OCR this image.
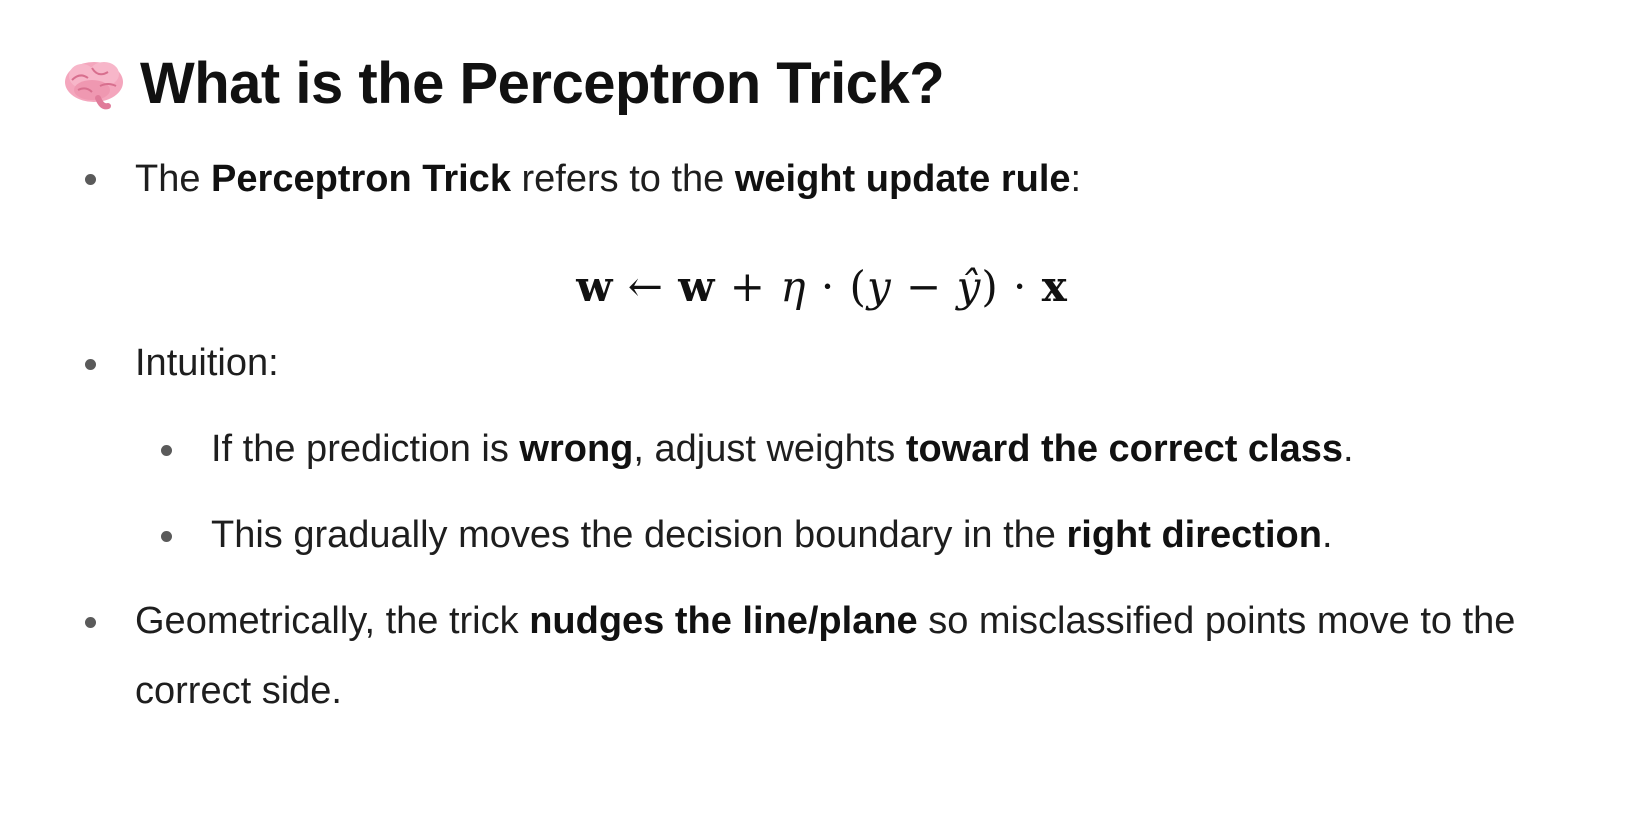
What is the Perceptron Trick?
The Perceptron Trick refers to the weight update rule:
w ← w + η · (y − ŷ) · x
Intuition:
If the prediction is wrong, adjust weights toward the correct class.
This gradually moves the decision boundary in the right direction.
Geometrically, the trick nudges the line/plane so misclassified points move to the
correct side.
